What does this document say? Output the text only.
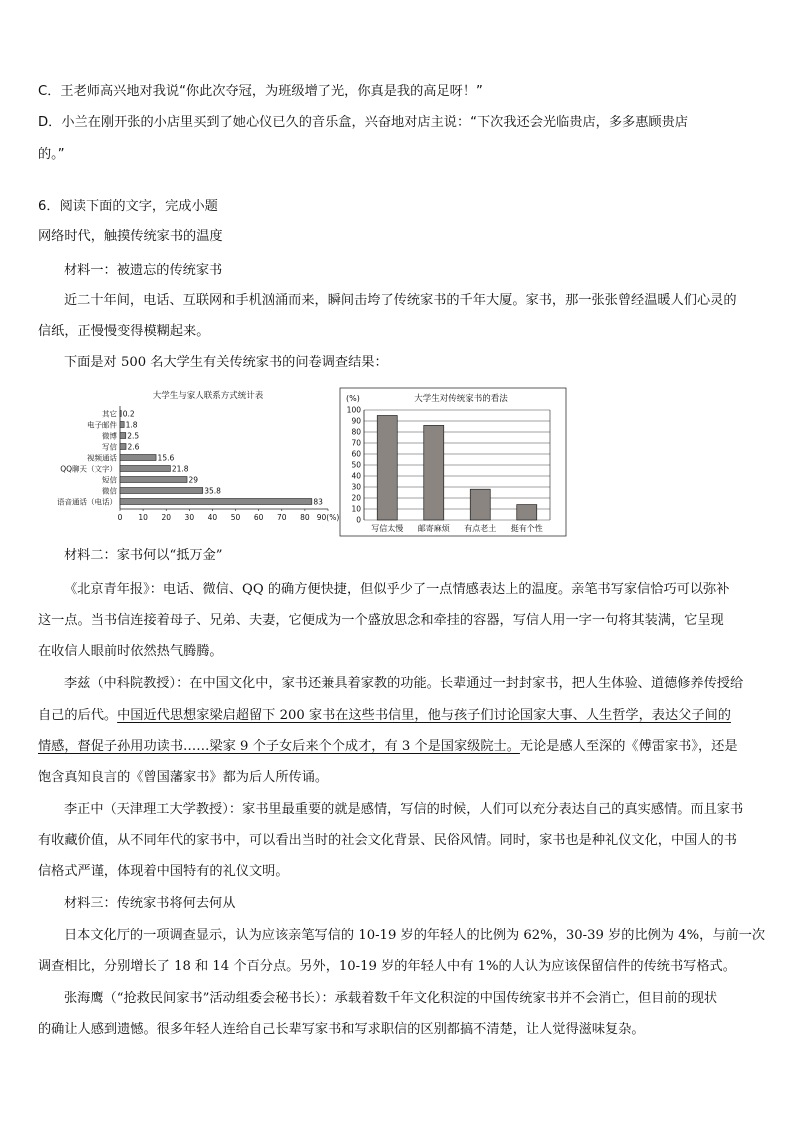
C．王老师高兴地对我说“你此次夺冠，为班级增了光，你真是我的高足呀！”
D．小兰在刚开张的小店里买到了她心仪已久的音乐盒，兴奋地对店主说：“下次我还会光临贵店，多多惠顾贵店
的。”
6．阅读下面的文字，完成小题
网络时代，触摸传统家书的温度
材料一：被遗忘的传统家书
近二十年间，电话、互联网和手机汹涌而来，瞬间击垮了传统家书的千年大厦。家书，那一张张曾经温暖人们心灵的
信纸，正慢慢变得模糊起来。
下面是对 500 名大学生有关传统家书的问卷调查结果：
大学生与家人联系方式统计表
0 10 20 30 40 50 60 70 80 90(%)
其它 0.2
电子邮件 1.8
微博 2.5
写信 2.6
视频通话	15.6
QQ聊天（文字）	21.8
短信	29
微信	35.8
语音通话（电话）	83
(%)	大学生对传统家书的看法
0
10
20
30
40
50
60
70
80
90
100
写信太慢 邮寄麻烦 有点老土 挺有个性
材料二：家书何以“抵万金”
《北京青年报》：电话、微信、QQ 的确方便快捷，但似乎少了一点情感表达上的温度。亲笔书写家信恰巧可以弥补
这一点。当书信连接着母子、兄弟、夫妻，它便成为一个盛放思念和牵挂的容器，写信人用一字一句将其装满，它呈现
在收信人眼前时依然热气腾腾。
李兹（中科院教授）：在中国文化中，家书还兼具着家教的功能。长辈通过一封封家书，把人生体验、道德修养传授给
自己的后代。中国近代思想家梁启超留下 200 家书在这些书信里，他与孩子们讨论国家大事、人生哲学，表达父子间的
情感，督促子孙用功读书……梁家 9 个子女后来个个成才，有 3 个是国家级院士。无论是感人至深的《傅雷家书》，还是
饱含真知良言的《曾国藩家书》都为后人所传诵。
李正中（天津理工大学教授）：家书里最重要的就是感情，写信的时候，人们可以充分表达自己的真实感情。而且家书
有收藏价值，从不同年代的家书中，可以看出当时的社会文化背景、民俗风情。同时，家书也是种礼仪文化，中国人的书
信格式严谨，体现着中国特有的礼仪文明。
材料三：传统家书将何去何从
日本文化厅的一项调查显示，认为应该亲笔写信的 10-19 岁的年轻人的比例为 62%，30-39 岁的比例为 4%，与前一次
调查相比，分别增长了 18 和 14 个百分点。另外，10-19 岁的年轻人中有 1%的人认为应该保留信件的传统书写格式。
张海鹰（“抢救民间家书”活动组委会秘书长）：承载着数千年文化积淀的中国传统家书并不会消亡，但目前的现状
的确让人感到遗憾。很多年轻人连给自己长辈写家书和写求职信的区别都搞不清楚，让人觉得滋味复杂。
